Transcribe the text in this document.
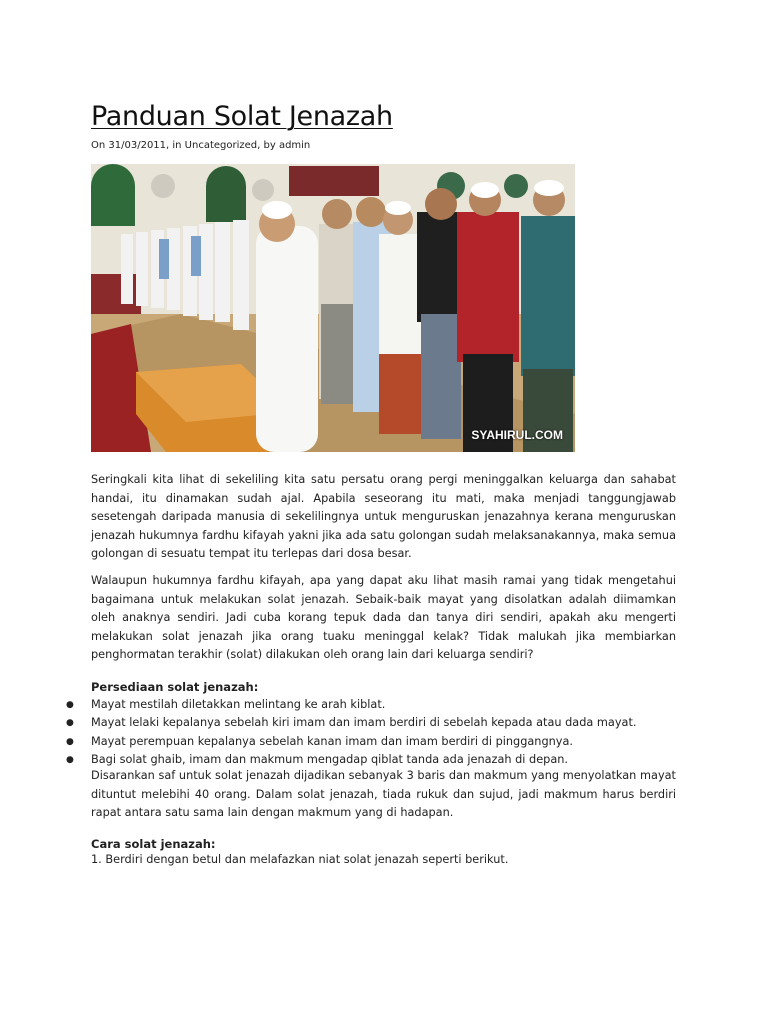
Panduan Solat Jenazah
On 31/03/2011, in Uncategorized, by admin
SYAHIRUL.COM

Seringkali kita lihat di sekeliling kita satu persatu orang pergi meninggalkan keluarga dan sahabat handai, itu dinamakan sudah ajal. Apabila seseorang itu mati, maka menjadi tanggungjawab sesetengah daripada manusia di sekelilingnya untuk menguruskan jenazahnya kerana menguruskan jenazah hukumnya fardhu kifayah yakni jika ada satu golongan sudah melaksanakannya, maka semua golongan di sesuatu tempat itu terlepas dari dosa besar.

Walaupun hukumnya fardhu kifayah, apa yang dapat aku lihat masih ramai yang tidak mengetahui bagaimana untuk melakukan solat jenazah. Sebaik-baik mayat yang disolatkan adalah diimamkan oleh anaknya sendiri. Jadi cuba korang tepuk dada dan tanya diri sendiri, apakah aku mengerti melakukan solat jenazah jika orang tuaku meninggal kelak? Tidak malukah jika membiarkan penghormatan terakhir (solat) dilakukan oleh orang lain dari keluarga sendiri?

Persediaan solat jenazah:
● Mayat mestilah diletakkan melintang ke arah kiblat.
● Mayat lelaki kepalanya sebelah kiri imam dan imam berdiri di sebelah kepada atau dada mayat.
● Mayat perempuan kepalanya sebelah kanan imam dan imam berdiri di pinggangnya.
● Bagi solat ghaib, imam dan makmum mengadap qiblat tanda ada jenazah di depan.

Disarankan saf untuk solat jenazah dijadikan sebanyak 3 baris dan makmum yang menyolatkan mayat dituntut melebihi 40 orang. Dalam solat jenazah, tiada rukuk dan sujud, jadi makmum harus berdiri rapat antara satu sama lain dengan makmum yang di hadapan.

Cara solat jenazah:

1. Berdiri dengan betul dan melafazkan niat solat jenazah seperti berikut.
